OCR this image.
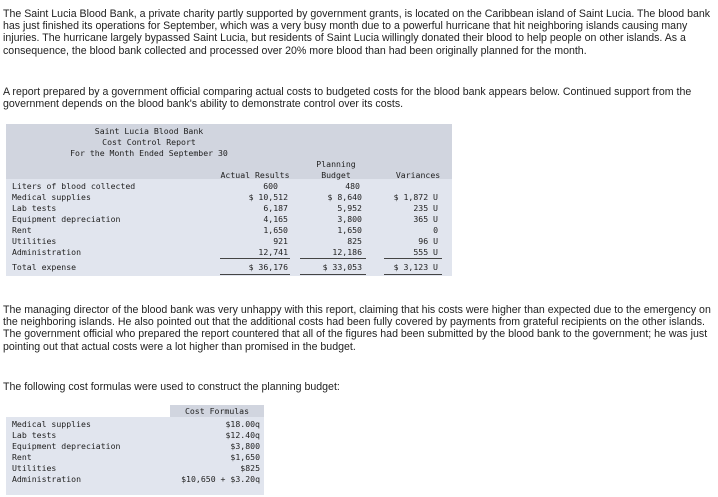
The Saint Lucia Blood Bank, a private charity partly supported by government grants, is located on the Caribbean island of Saint Lucia. The blood bank has just finished its operations for September, which was a very busy month due to a powerful hurricane that hit neighboring islands causing many injuries. The hurricane largely bypassed Saint Lucia, but residents of Saint Lucia willingly donated their blood to help people on other islands. As a consequence, the blood bank collected and processed over 20% more blood than had been originally planned for the month.

A report prepared by a government official comparing actual costs to budgeted costs for the blood bank appears below. Continued support from the government depends on the blood bank's ability to demonstrate control over its costs.

Saint Lucia Blood Bank
Cost Control Report
For the Month Ended September 30
Actual Results
Planning
Budget	Variances
Liters of blood collected	600	480
Medical supplies	$ 10,512	$ 8,640	$ 1,872 U
Lab tests	6,187	5,952	235 U
Equipment depreciation	4,165	3,800	365 U
Rent	1,650	1,650	0
Utilities	921	825	96 U
Administration	12,741	12,186	555 U
Total expense	$ 36,176	$ 33,053	$ 3,123 U

The managing director of the blood bank was very unhappy with this report, claiming that his costs were higher than expected due to the emergency on the neighboring islands. He also pointed out that the additional costs had been fully covered by payments from grateful recipients on the other islands. The government official who prepared the report countered that all of the figures had been submitted by the blood bank to the government; he was just pointing out that actual costs were a lot higher than promised in the budget.

The following cost formulas were used to construct the planning budget:

Cost Formulas
Medical supplies	$18.00q
Lab tests	$12.40q
Equipment depreciation	$3,800
Rent	$1,650
Utilities	$825
Administration	$10,650 + $3.20q
